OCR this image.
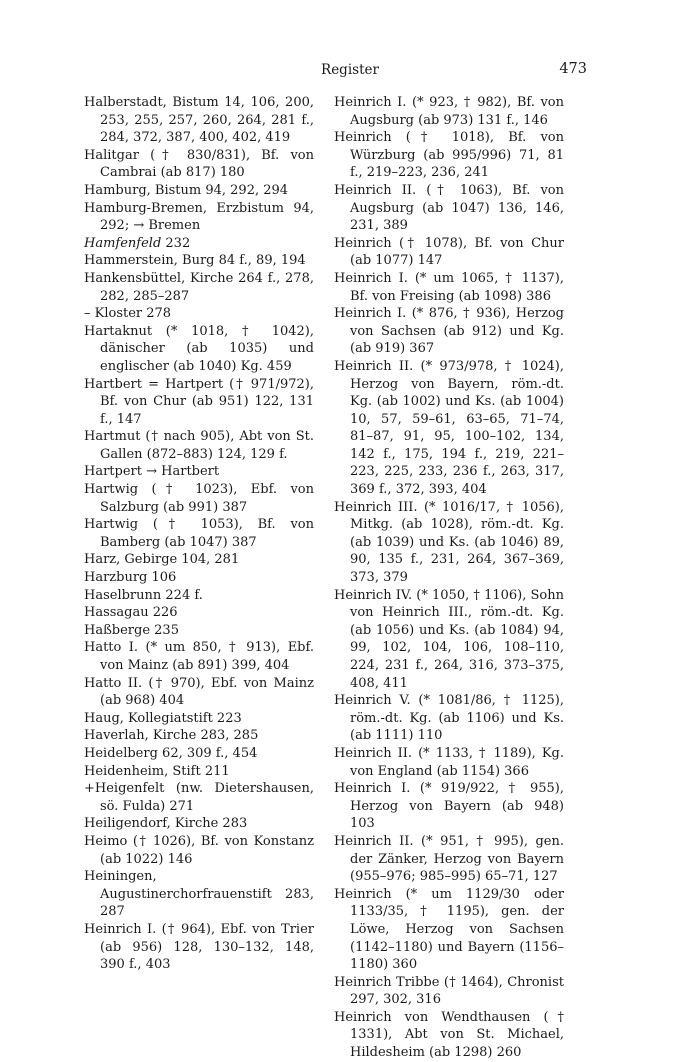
Register	473
Halberstadt, Bistum 14, 106, 200, 253, 255, 257, 260, 264, 281 f., 284, 372, 387, 400, 402, 419
Halitgar († 830/831), Bf. von Cambrai (ab 817) 180
Hamburg, Bistum 94, 292, 294
Hamburg-Bremen, Erzbistum 94, 292; → Bremen
Hamfenfeld 232
Hammerstein, Burg 84 f., 89, 194
Hankensbüttel, Kirche 264 f., 278, 282, 285–287
– Kloster 278
Hartaknut (* 1018, † 1042), dänischer (ab 1035) und englischer (ab 1040) Kg. 459
Hartbert = Hartpert († 971/972), Bf. von Chur (ab 951) 122, 131 f., 147
Hartmut († nach 905), Abt von St. Gallen (872–883) 124, 129 f.
Hartpert → Hartbert
Hartwig († 1023), Ebf. von Salzburg (ab 991) 387
Hartwig († 1053), Bf. von Bamberg (ab 1047) 387
Harz, Gebirge 104, 281
Harzburg 106
Haselbrunn 224 f.
Hassagau 226
Haßberge 235
Hatto I. (* um 850, † 913), Ebf. von Mainz (ab 891) 399, 404
Hatto II. († 970), Ebf. von Mainz (ab 968) 404
Haug, Kollegiatstift 223
Haverlah, Kirche 283, 285
Heidelberg 62, 309 f., 454
Heidenheim, Stift 211
+Heigenfelt (nw. Dietershausen, sö. Fulda) 271
Heiligendorf, Kirche 283
Heimo († 1026), Bf. von Konstanz (ab 1022) 146
Heiningen, Augustinerchorfrauenstift 283, 287
Heinrich I. († 964), Ebf. von Trier (ab 956) 128, 130–132, 148, 390 f., 403
Heinrich I. (* 923, † 982), Bf. von Augsburg (ab 973) 131 f., 146
Heinrich († 1018), Bf. von Würzburg (ab 995/996) 71, 81 f., 219–223, 236, 241
Heinrich II. († 1063), Bf. von Augsburg (ab 1047) 136, 146, 231, 389
Heinrich († 1078), Bf. von Chur (ab 1077) 147
Heinrich I. (* um 1065, † 1137), Bf. von Freising (ab 1098) 386
Heinrich I. (* 876, † 936), Herzog von Sachsen (ab 912) und Kg. (ab 919) 367
Heinrich II. (* 973/978, † 1024), Herzog von Bayern, röm.-dt. Kg. (ab 1002) und Ks. (ab 1004) 10, 57, 59–61, 63–65, 71–74, 81–87, 91, 95, 100–102, 134, 142 f., 175, 194 f., 219, 221–223, 225, 233, 236 f., 263, 317, 369 f., 372, 393, 404
Heinrich III. (* 1016/17, † 1056), Mitkg. (ab 1028), röm.-dt. Kg. (ab 1039) und Ks. (ab 1046) 89, 90, 135 f., 231, 264, 367–369, 373, 379
Heinrich IV. (* 1050, † 1106), Sohn von Heinrich III., röm.-dt. Kg. (ab 1056) und Ks. (ab 1084) 94, 99, 102, 104, 106, 108–110, 224, 231 f., 264, 316, 373–375, 408, 411
Heinrich V. (* 1081/86, † 1125), röm.-dt. Kg. (ab 1106) und Ks. (ab 1111) 110
Heinrich II. (* 1133, † 1189), Kg. von England (ab 1154) 366
Heinrich I. (* 919/922, † 955), Herzog von Bayern (ab 948) 103
Heinrich II. (* 951, † 995), gen. der Zänker, Herzog von Bayern (955–976; 985–995) 65–71, 127
Heinrich (* um 1129/30 oder 1133/35, † 1195), gen. der Löwe, Herzog von Sachsen (1142–1180) und Bayern (1156–1180) 360
Heinrich Tribbe († 1464), Chronist 297, 302, 316
Heinrich von Wendthausen († 1331), Abt von St. Michael, Hildesheim (ab 1298) 260
